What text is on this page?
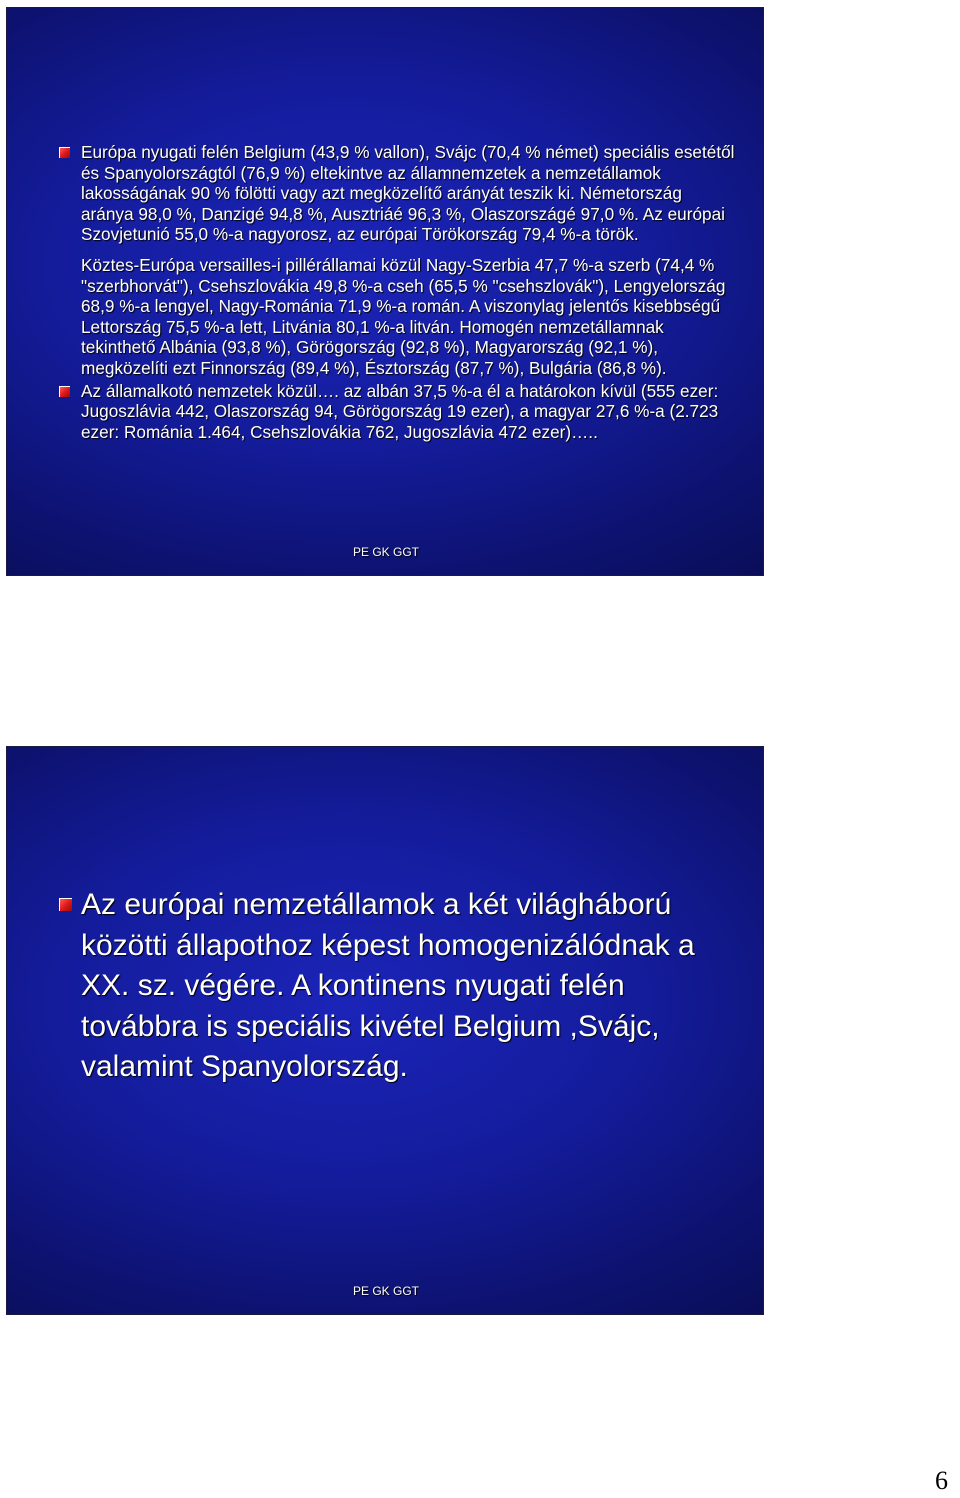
Európa nyugati felén Belgium (43,9 % vallon), Svájc (70,4 % német) speciális esetétől és Spanyolországtól (76,9 %) eltekintve az államnemzetek a nemzetállamok lakosságának 90 % fölötti vagy azt megközelítő arányát teszik ki. Németország aránya 98,0 %, Danzigé 94,8 %, Ausztriáé 96,3 %, Olaszországé 97,0 %. Az európai Szovjetunió 55,0 %-a nagyorosz, az európai Törökország 79,4 %-a török.
Köztes-Európa versailles-i pillérállamai közül Nagy-Szerbia 47,7 %-a szerb (74,4 % "szerbhorvát"), Csehszlovákia 49,8 %-a cseh (65,5 % "csehszlovák"), Lengyelország 68,9 %-a lengyel, Nagy-Románia 71,9 %-a román. A viszonylag jelentős kisebbségű Lettország 75,5 %-a lett, Litvánia 80,1 %-a litván. Homogén nemzetállamnak tekinthető Albánia (93,8 %), Görögország (92,8 %), Magyarország (92,1 %), megközelíti ezt Finnország (89,4 %), Észtország (87,7 %), Bulgária (86,8 %).
Az államalkotó nemzetek közül…. az albán 37,5 %-a él a határokon kívül (555 ezer: Jugoszlávia 442, Olaszország 94, Görögország 19 ezer), a magyar 27,6 %-a (2.723 ezer: Románia 1.464, Csehszlovákia 762, Jugoszlávia 472 ezer)…..
PE GK GGT
Az európai nemzetállamok a két világháború közötti állapothoz képest homogenizálódnak a XX. sz. végére. A kontinens nyugati felén továbbra is speciális kivétel Belgium ,Svájc, valamint Spanyolország.
PE GK GGT
6
